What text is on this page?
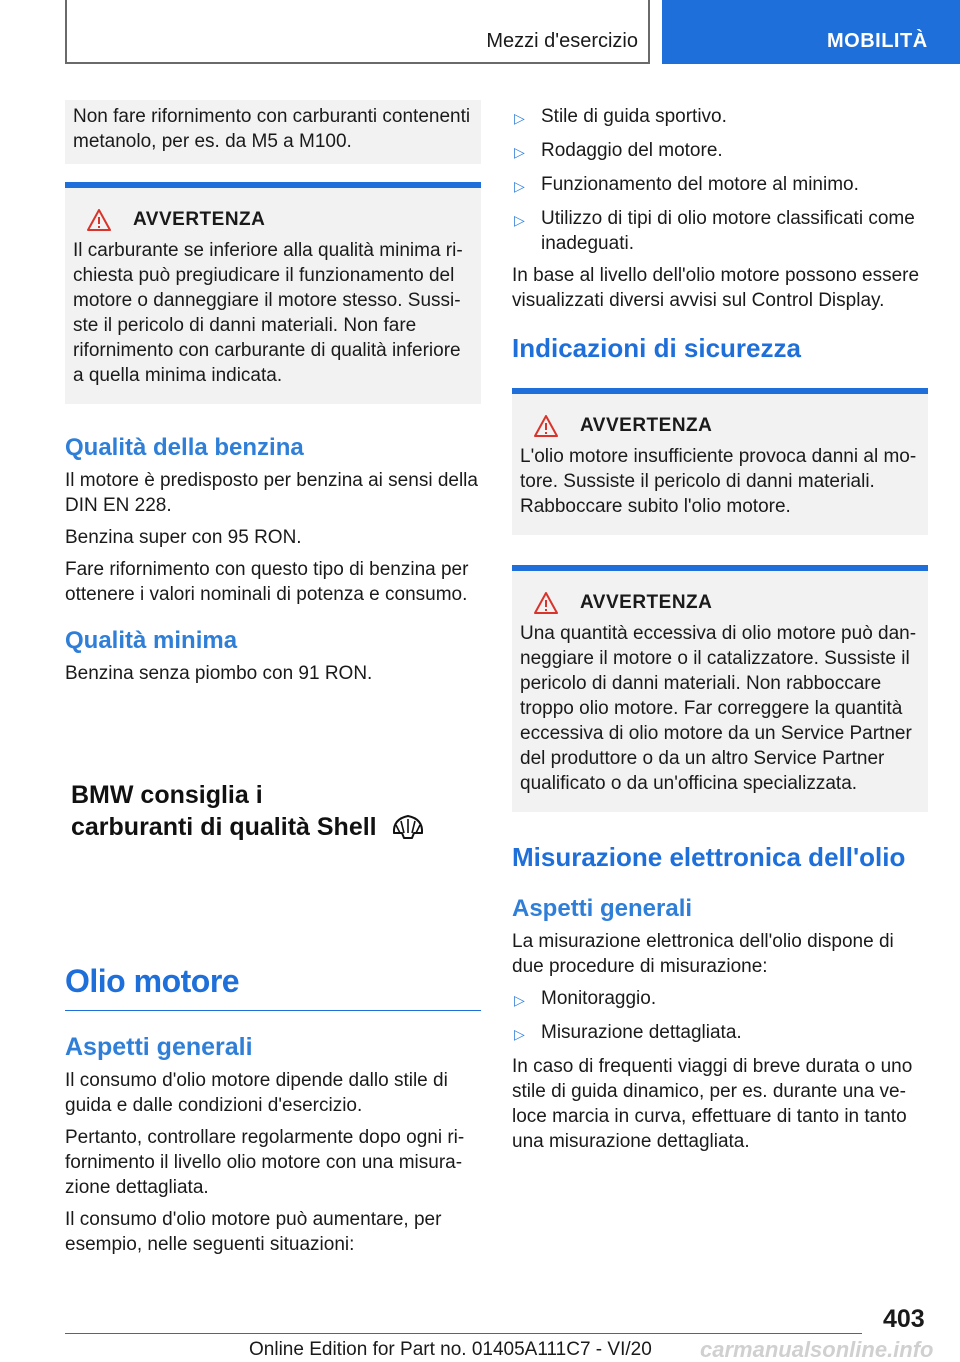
Mezzi d'esercizio	MOBILITÀ

Non fare rifornimento con carburanti contenenti metanolo, per es. da M5 a M100.

AVVERTENZA

Il carburante se inferiore alla qualità minima richiesta può pregiudicare il funzionamento del motore o danneggiare il motore stesso. Sussiste il pericolo di danni materiali. Non fare rifornimento con carburante di qualità inferiore a quella minima indicata.

Qualità della benzina

Il motore è predisposto per benzina ai sensi della DIN EN 228.

Benzina super con 95 RON.

Fare rifornimento con questo tipo di benzina per ottenere i valori nominali di potenza e consumo.

Qualità minima

Benzina senza piombo con 91 RON.

BMW consiglia i
carburanti di qualità Shell
Olio motore
Aspetti generali

Il consumo d'olio motore dipende dallo stile di guida e dalle condizioni d'esercizio.

Pertanto, controllare regolarmente dopo ogni rifornimento il livello olio motore con una misurazione dettagliata.

Il consumo d'olio motore può aumentare, per esempio, nelle seguenti situazioni:

▷ Stile di guida sportivo.
▷ Rodaggio del motore.
▷ Funzionamento del motore al minimo.
▷ Utilizzo di tipi di olio motore classificati come inadeguati.

In base al livello dell'olio motore possono essere visualizzati diversi avvisi sul Control Display.

Indicazioni di sicurezza
AVVERTENZA

L'olio motore insufficiente provoca danni al motore. Sussiste il pericolo di danni materiali. Rabboccare subito l'olio motore.

AVVERTENZA

Una quantità eccessiva di olio motore può danneggiare il motore o il catalizzatore. Sussiste il pericolo di danni materiali. Non rabboccare troppo olio motore. Far correggere la quantità eccessiva di olio motore da un Service Partner del produttore o da un altro Service Partner qualificato o da un'officina specializzata.

Misurazione elettronica dell'olio
Aspetti generali

La misurazione elettronica dell'olio dispone di due procedure di misurazione:

▷ Monitoraggio.
▷ Misurazione dettagliata.

In caso di frequenti viaggi di breve durata o uno stile di guida dinamico, per es. durante una veloce marcia in curva, effettuare di tanto in tanto una misurazione dettagliata.

403
Online Edition for Part no. 01405A111C7 - VI/20 carmanualsonline.info
